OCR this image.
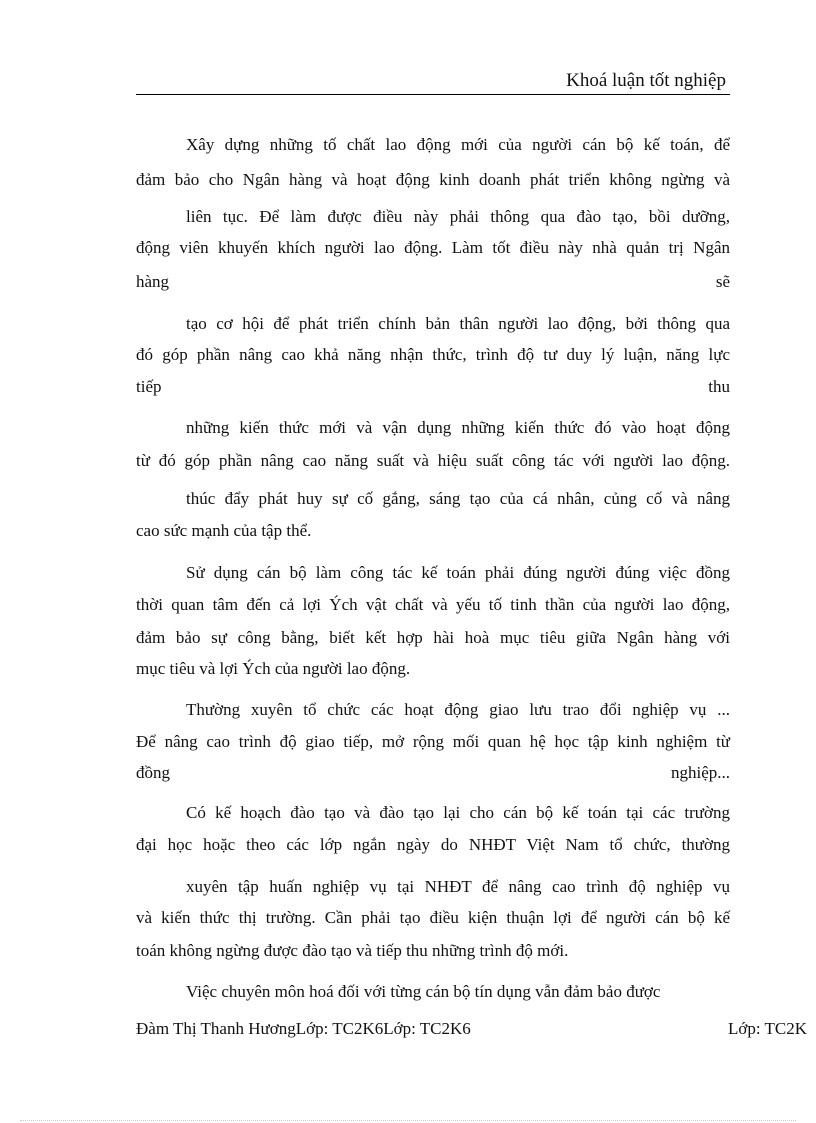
Khoá luận tốt nghiệp
Xây dựng những tố chất lao động mới của người cán bộ kế toán, để
đảm bảo cho Ngân hàng và hoạt động kinh doanh phát triển không ngừng và
liên tục. Để làm được điều này phải thông qua đào tạo, bồi dưỡng,
động viên khuyến khích người lao động. Làm tốt điều này nhà quản trị Ngân
hàng sẽ
tạo cơ hội để phát triển chính bản thân người lao động, bởi thông qua
đó góp phần nâng cao khả năng nhận thức, trình độ tư duy lý luận, năng lực
tiếp thu
những kiến thức mới và vận dụng những kiến thức đó vào hoạt động
từ đó góp phần nâng cao năng suất và hiệu suất công tác với người lao động.
thúc đẩy phát huy sự cố gắng, sáng tạo của cá nhân, củng cố và nâng
cao sức mạnh của tập thể.
Sử dụng cán bộ làm công tác kế toán phải đúng người đúng việc đồng
thời quan tâm đến cả lợi Ých vật chất và yếu tố tinh thần của người lao động,
đảm bảo sự công bằng, biết kết hợp hài hoà mục tiêu giữa Ngân hàng với
mục tiêu và lợi Ých của người lao động.
Thường xuyên tổ chức các hoạt động giao lưu trao đổi nghiệp vụ ...
Để nâng cao trình độ giao tiếp, mở rộng mối quan hệ học tập kinh nghiệm từ
đồng nghiệp...
Có kế hoạch đào tạo và đào tạo lại cho cán bộ kế toán tại các trường
đại học hoặc theo các lớp ngắn ngày do NHĐT Việt Nam tổ chức, thường
xuyên tập huấn nghiệp vụ tại NHĐT để nâng cao trình độ nghiệp vụ
và kiến thức thị trường. Cần phải tạo điều kiện thuận lợi để người cán bộ kế
toán không ngừng được đào tạo và tiếp thu những trình độ mới.
Việc chuyên môn hoá đối với từng cán bộ tín dụng vẫn đảm bảo được
Đàm Thị Thanh HươngLớp: TC2K6Lớp: TC2K6	Lớp: TC2K
